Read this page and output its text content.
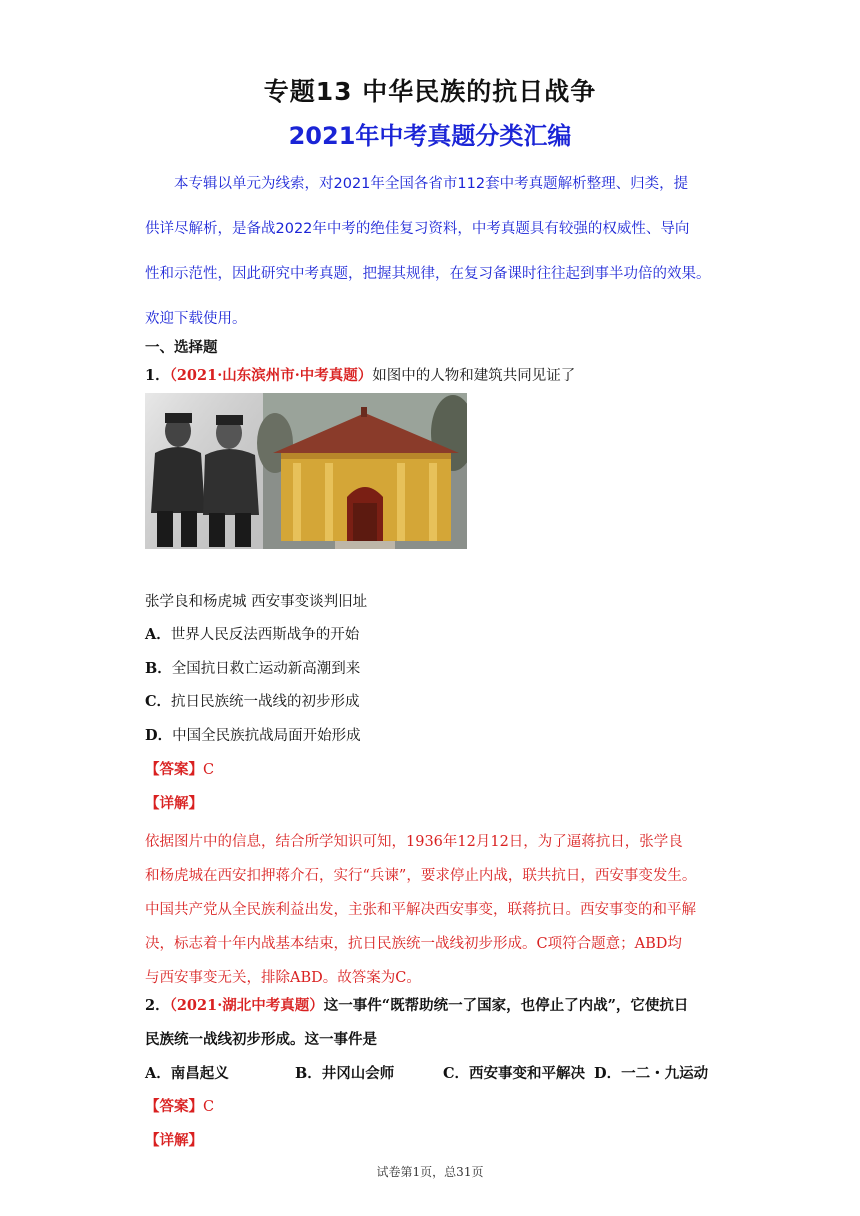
专题13 中华民族的抗日战争
2021年中考真题分类汇编

本专辑以单元为线索，对2021年全国各省市112套中考真题解析整理、归类，提

供详尽解析，是备战2022年中考的绝佳复习资料，中考真题具有较强的权威性、导向

性和示范性，因此研究中考真题，把握其规律，在复习备课时往往起到事半功倍的效果。

欢迎下载使用。

一、选择题
1．（2021·山东滨州市·中考真题）如图中的人物和建筑共同见证了
张学良和杨虎城 西安事变谈判旧址
A．世界人民反法西斯战争的开始
B．全国抗日救亡运动新高潮到来
C．抗日民族统一战线的初步形成
D．中国全民族抗战局面开始形成
【答案】C
【详解】

依据图片中的信息，结合所学知识可知，1936年12月12日，为了逼蒋抗日，张学良

和杨虎城在西安扣押蒋介石，实行“兵谏”，要求停止内战，联共抗日，西安事变发生。

中国共产党从全民族利益出发，主张和平解决西安事变，联蒋抗日。西安事变的和平解

决，标志着十年内战基本结束，抗日民族统一战线初步形成。C项符合题意；ABD均

与西安事变无关，排除ABD。故答案为C。

2．（2021·湖北中考真题）这一事件“既帮助统一了国家，也停止了内战”，它使抗日
民族统一战线初步形成。这一事件是
A．南昌起义	B．井冈山会师	C．西安事变和平解决 D．一二・九运动
【答案】C
【详解】
试卷第1页，总31页
